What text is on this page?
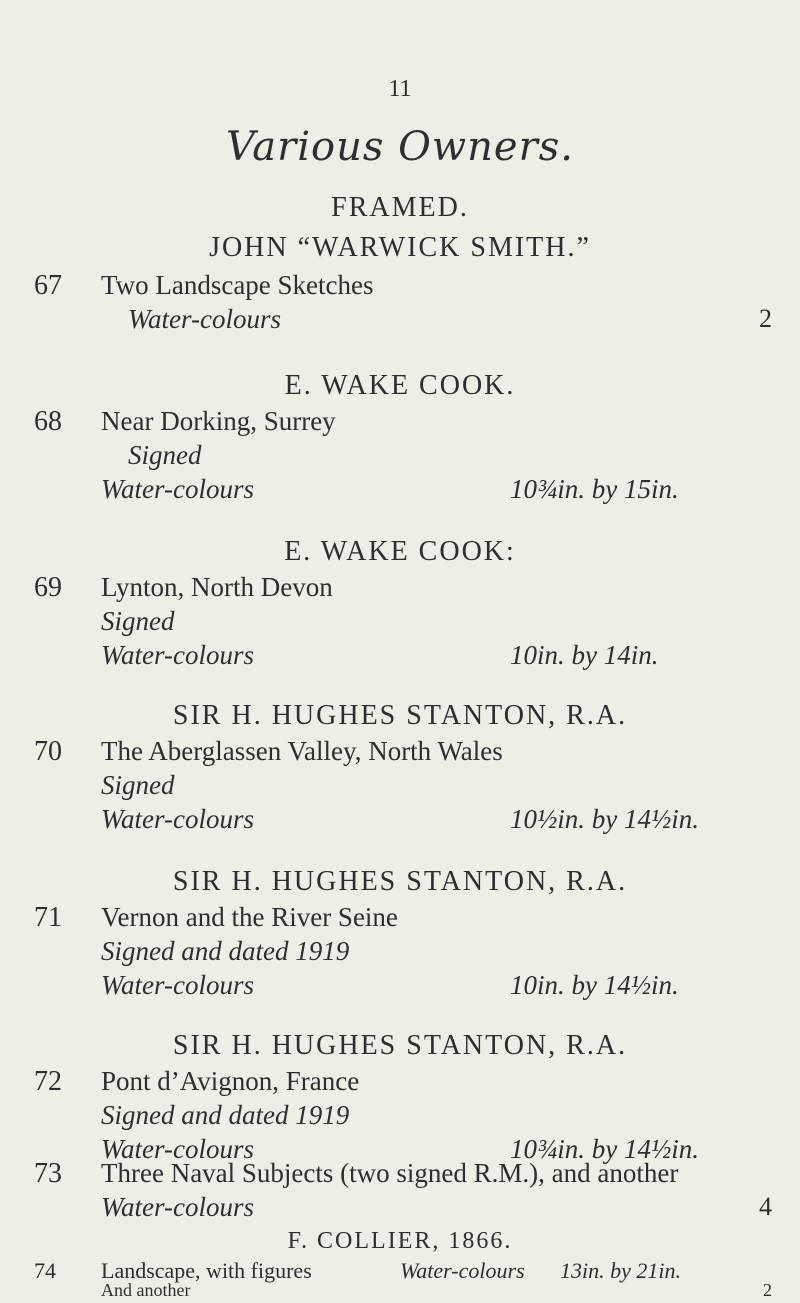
11
Various Owners.
FRAMED.
JOHN “WARWICK SMITH.”
67	Two Landscape Sketches
Water-colours	2
E. WAKE COOK.
68	Near Dorking, Surrey
Signed
Water-colours	10¾in. by 15in.
E. WAKE COOK:
69	Lynton, North Devon
Signed
Water-colours	10in. by 14in.
SIR H. HUGHES STANTON, R.A.
70	The Aberglassen Valley, North Wales
Signed
Water-colours	10½in. by 14½in.
SIR H. HUGHES STANTON, R.A.
71	Vernon and the River Seine
Signed and dated 1919
Water-colours	10in. by 14½in.
SIR H. HUGHES STANTON, R.A.
72	Pont d’Avignon, France
Signed and dated 1919
Water-colours	10¾in. by 14½in.
73	Three Naval Subjects (two signed R.M.), and another
Water-colours	4
F. COLLIER, 1866.
74	Landscape, with figures	Water-colours 13in. by 21in.
And another	2
